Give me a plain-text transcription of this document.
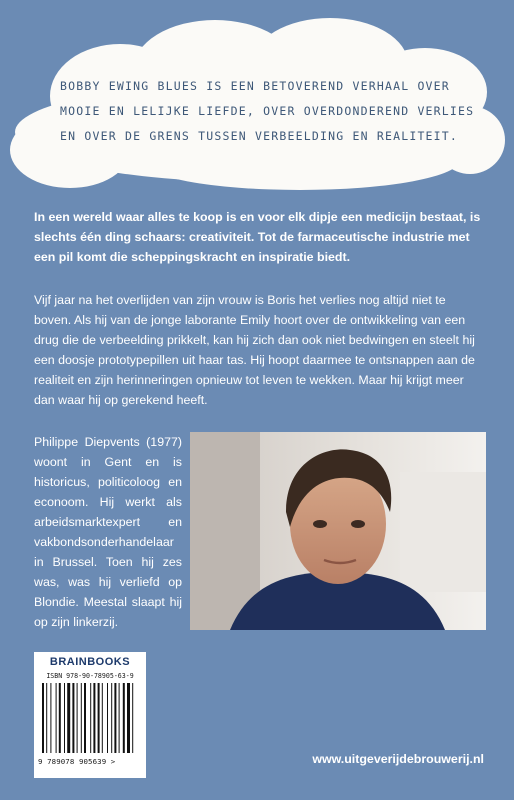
BOBBY EWING BLUES IS EEN BETOVEREND VERHAAL OVER
MOOIE EN LELIJKE LIEFDE, OVER OVERDONDEREND VERLIES
EN OVER DE GRENS TUSSEN VERBEELDING EN REALITEIT.
In een wereld waar alles te koop is en voor elk dipje een medicijn bestaat, is slechts één ding schaars: creativiteit. Tot de farmaceutische industrie met een pil komt die scheppingskracht en inspiratie biedt.
Vijf jaar na het overlijden van zijn vrouw is Boris het verlies nog altijd niet te boven. Als hij van de jonge laborante Emily hoort over de ontwikkeling van een drug die de verbeelding prikkelt, kan hij zich dan ook niet bedwingen en steelt hij een doosje prototypepillen uit haar tas. Hij hoopt daarmee te ontsnappen aan de realiteit en zijn herinneringen opnieuw tot leven te wekken. Maar hij krijgt meer dan waar hij op gerekend heeft.
Philippe Diepvents (1977) woont in Gent en is historicus, politicoloog en econoom. Hij werkt als arbeidsmarktexpert en vakbondsonderhandelaar in Brussel. Toen hij zes was, was hij verliefd op Blondie. Meestal slaapt hij op zijn linkerzij.
BRAINBOOKS
ISBN 978-90-78905-63-9
9 789078 905639 >	www.uitgeverijdebrouwerij.nl
